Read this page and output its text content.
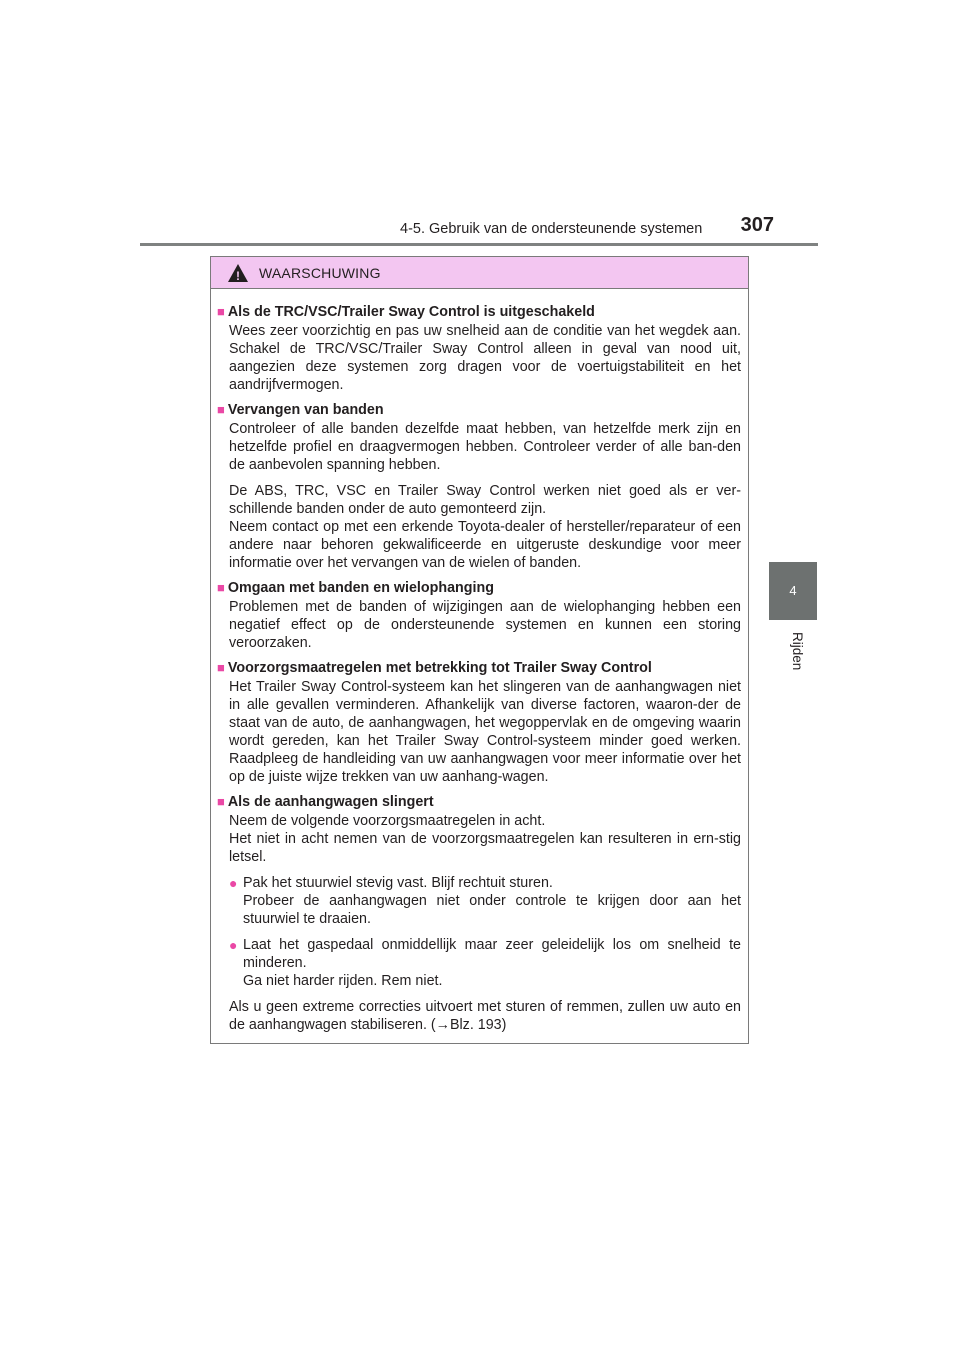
4-5. Gebruik van de ondersteunende systemen	307
4
Rijden
! WAARSCHUWING
■ Als de TRC/VSC/Trailer Sway Control is uitgeschakeld
Wees zeer voorzichtig en pas uw snelheid aan de conditie van het wegdek aan. Schakel de TRC/VSC/Trailer Sway Control alleen in geval van nood uit, aangezien deze systemen zorg dragen voor de voertuigstabiliteit en het aandrijfvermogen.
■ Vervangen van banden
Controleer of alle banden dezelfde maat hebben, van hetzelfde merk zijn en hetzelfde profiel en draagvermogen hebben. Controleer verder of alle ban-den de aanbevolen spanning hebben.
De ABS, TRC, VSC en Trailer Sway Control werken niet goed als er ver-schillende banden onder de auto gemonteerd zijn.
Neem contact op met een erkende Toyota-dealer of hersteller/reparateur of een andere naar behoren gekwalificeerde en uitgeruste deskundige voor meer informatie over het vervangen van de wielen of banden.
■ Omgaan met banden en wielophanging
Problemen met de banden of wijzigingen aan de wielophanging hebben een negatief effect op de ondersteunende systemen en kunnen een storing veroorzaken.
■ Voorzorgsmaatregelen met betrekking tot Trailer Sway Control
Het Trailer Sway Control-systeem kan het slingeren van de aanhangwagen niet in alle gevallen verminderen. Afhankelijk van diverse factoren, waaron-der de staat van de auto, de aanhangwagen, het wegoppervlak en de omgeving waarin wordt gereden, kan het Trailer Sway Control-systeem minder goed werken. Raadpleeg de handleiding van uw aanhangwagen voor meer informatie over het op de juiste wijze trekken van uw aanhang-wagen.
■ Als de aanhangwagen slingert
Neem de volgende voorzorgsmaatregelen in acht.
Het niet in acht nemen van de voorzorgsmaatregelen kan resulteren in ern-stig letsel.
● Pak het stuurwiel stevig vast. Blijf rechtuit sturen.
Probeer de aanhangwagen niet onder controle te krijgen door aan het stuurwiel te draaien.
● Laat het gaspedaal onmiddellijk maar zeer geleidelijk los om snelheid te minderen.
Ga niet harder rijden. Rem niet.
Als u geen extreme correcties uitvoert met sturen of remmen, zullen uw auto en de aanhangwagen stabiliseren. (→Blz. 193)
